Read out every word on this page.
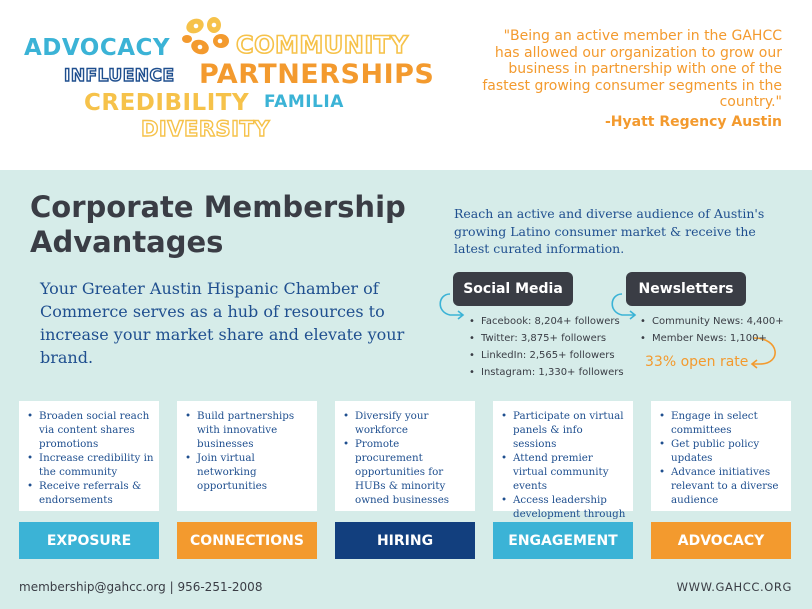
ADVOCACY	COMMUNITY
INFLUENCE PARTNERSHIPS
CREDIBILITY FAMILIA
DIVERSITY
"Being an active member in the GAHCC has allowed our organization to grow our business in partnership with one of the fastest growing consumer segments in the country."
-Hyatt Regency Austin
Corporate Membership Advantages
Your Greater Austin Hispanic Chamber of Commerce serves as a hub of resources to increase your market share and elevate your brand.
Reach an active and diverse audience of Austin's growing Latino consumer market & receive the latest curated information.
Social Media	Newsletters
• Facebook: 8,204+ followers
• Twitter: 3,875+ followers
• LinkedIn: 2,565+ followers
• Instagram: 1,330+ followers
• Community News: 4,400+
• Member News: 1,100+
33% open rate
• Broaden social reach via content shares promotions
• Increase credibility in the community
• Receive referrals & endorsements
• Build partnerships with innovative businesses
• Join virtual networking opportunities
• Diversify your workforce
• Promote procurement opportunities for HUBs & minority owned businesses
• Participate on virtual panels & info sessions
• Attend premier virtual community events
• Access leadership development through
• Engage in select committees
• Get public policy updates
• Advance initiatives relevant to a diverse audience
EXPOSURE	CONNECTIONS	HIRING	ENGAGEMENT	ADVOCACY
membership@gahcc.org | 956-251-2008	WWW.GAHCC.ORG
